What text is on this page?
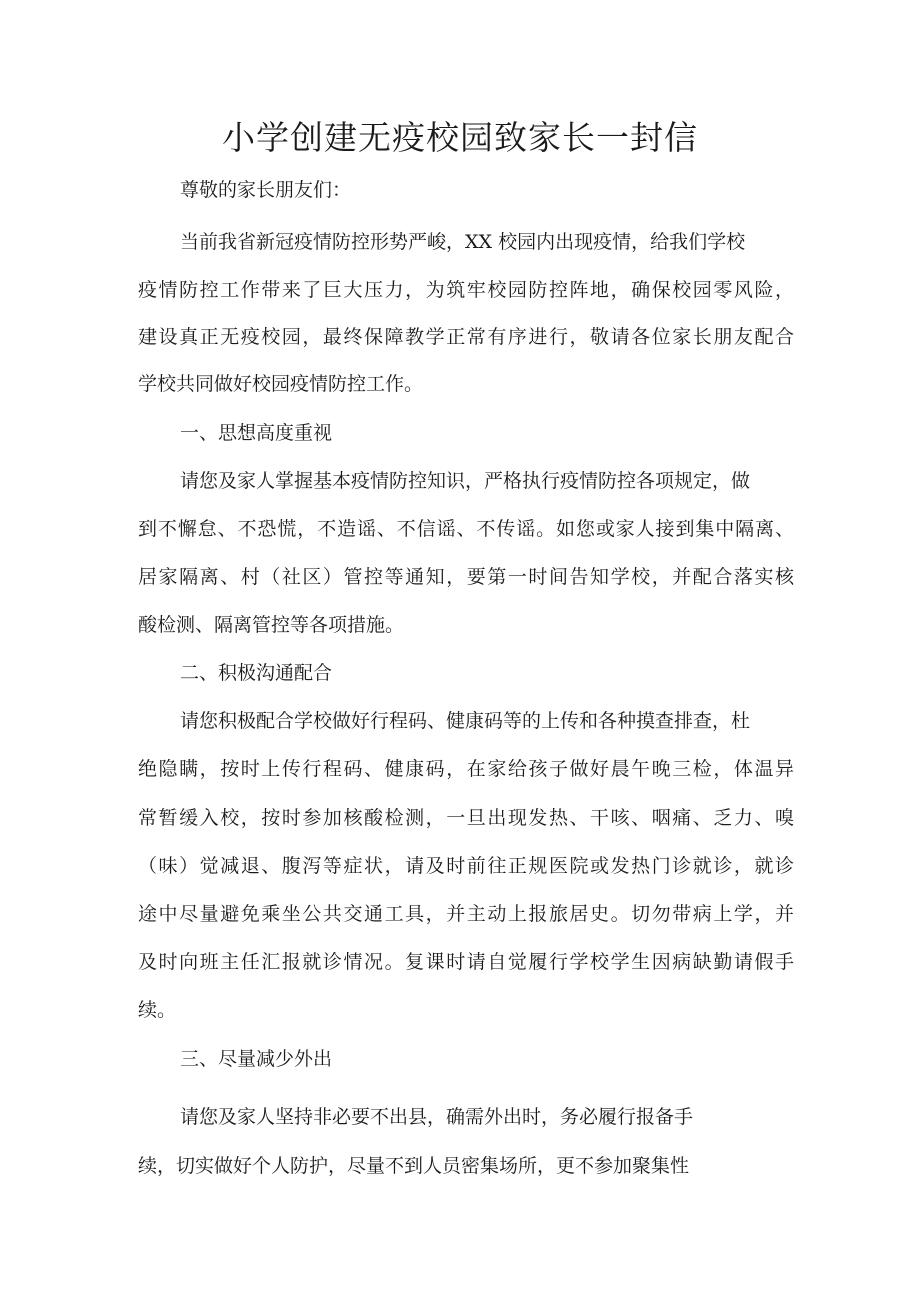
小学创建无疫校园致家长一封信

尊敬的家长朋友们：

当前我省新冠疫情防控形势严峻，XX 校园内出现疫情，给我们学校

疫情防控工作带来了巨大压力，为筑牢校园防控阵地，确保校园零风险，

建设真正无疫校园，最终保障教学正常有序进行，敬请各位家长朋友配合

学校共同做好校园疫情防控工作。

一、思想高度重视

请您及家人掌握基本疫情防控知识，严格执行疫情防控各项规定，做

到不懈怠、不恐慌，不造谣、不信谣、不传谣。如您或家人接到集中隔离、

居家隔离、村（社区）管控等通知，要第一时间告知学校，并配合落实核

酸检测、隔离管控等各项措施。

二、积极沟通配合

请您积极配合学校做好行程码、健康码等的上传和各种摸查排查，杜

绝隐瞒，按时上传行程码、健康码，在家给孩子做好晨午晚三检，体温异

常暂缓入校，按时参加核酸检测，一旦出现发热、干咳、咽痛、乏力、嗅

（味）觉减退、腹泻等症状，请及时前往正规医院或发热门诊就诊，就诊

途中尽量避免乘坐公共交通工具，并主动上报旅居史。切勿带病上学，并

及时向班主任汇报就诊情况。复课时请自觉履行学校学生因病缺勤请假手

续。

三、尽量减少外出

请您及家人坚持非必要不出县，确需外出时，务必履行报备手

续，切实做好个人防护，尽量不到人员密集场所，更不参加聚集性
